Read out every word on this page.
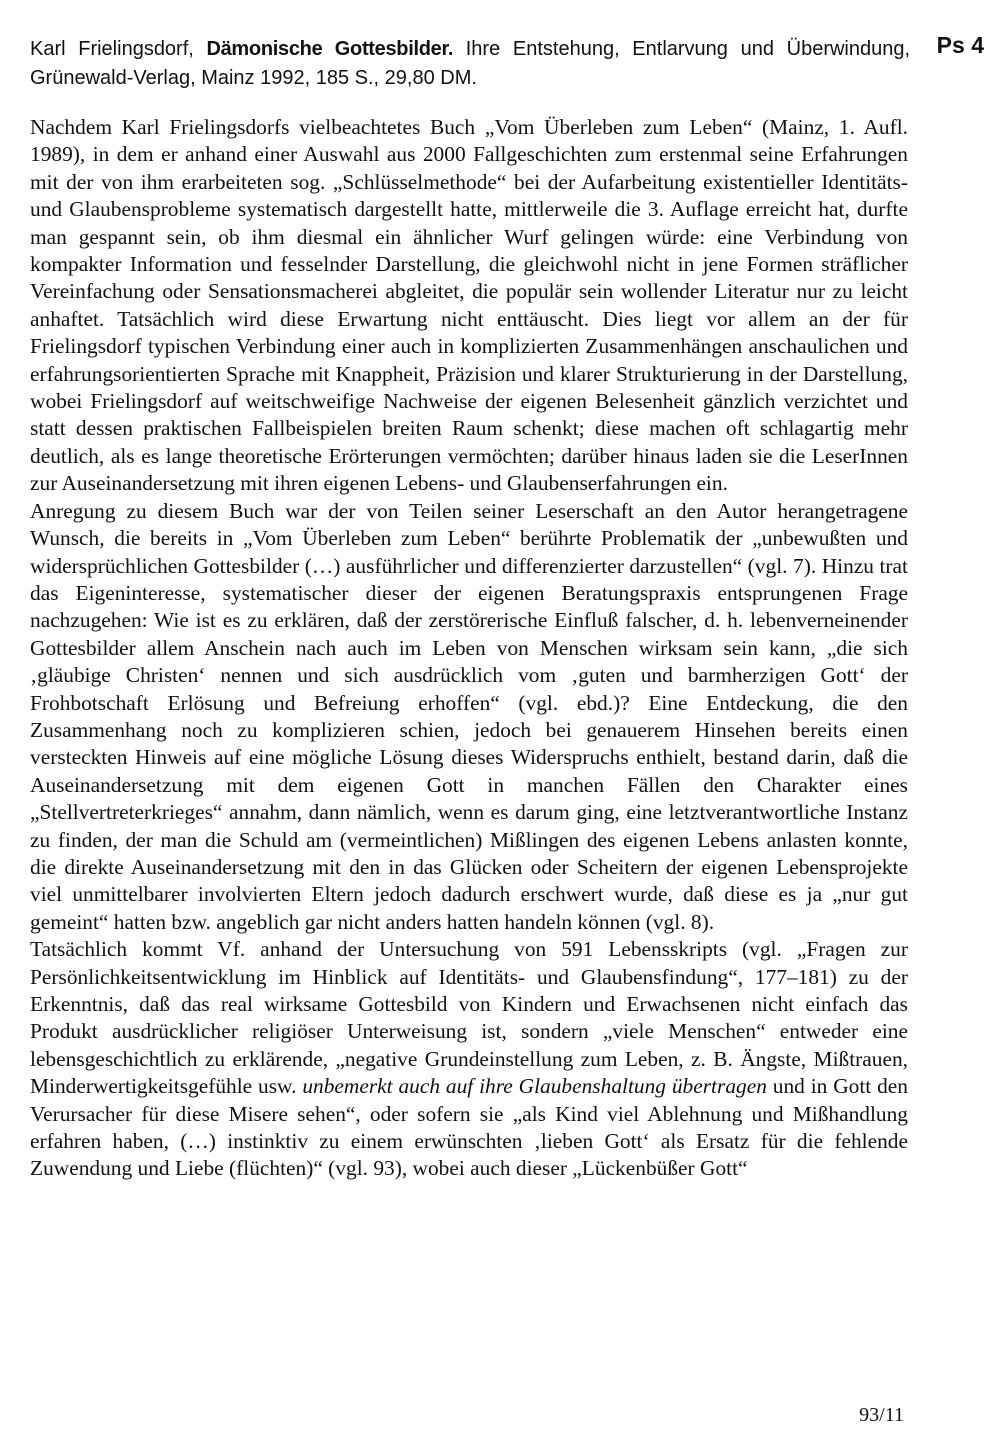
Karl Frielingsdorf, Dämonische Gottesbilder. Ihre Entstehung, Entlarvung und Überwindung, Grünewald-Verlag, Mainz 1992, 185 S., 29,80 DM.
Ps 4

Nachdem Karl Frielingsdorfs vielbeachtetes Buch „Vom Überleben zum Leben“ (Mainz, 1. Aufl. 1989), in dem er anhand einer Auswahl aus 2000 Fallgeschichten zum erstenmal seine Erfahrungen mit der von ihm erarbeiteten sog. „Schlüsselmethode“ bei der Aufarbeitung existentieller Identitäts- und Glaubensprobleme systematisch dargestellt hatte, mittlerweile die 3. Auflage erreicht hat, durfte man gespannt sein, ob ihm diesmal ein ähnlicher Wurf gelingen würde: eine Verbindung von kompakter Information und fesselnder Darstellung, die gleichwohl nicht in jene Formen sträflicher Vereinfachung oder Sensationsmacherei abgleitet, die populär sein wollender Literatur nur zu leicht anhaftet. Tatsächlich wird diese Erwartung nicht enttäuscht. Dies liegt vor allem an der für Frielingsdorf typischen Verbindung einer auch in komplizierten Zusammenhängen anschaulichen und erfahrungsorientierten Sprache mit Knappheit, Präzision und klarer Strukturierung in der Darstellung, wobei Frielingsdorf auf weitschweifige Nachweise der eigenen Belesenheit gänzlich verzichtet und statt dessen praktischen Fallbeispielen breiten Raum schenkt; diese machen oft schlagartig mehr deutlich, als es lange theoretische Erörterungen vermöchten; darüber hinaus laden sie die LeserInnen zur Auseinandersetzung mit ihren eigenen Lebens- und Glaubenserfahrungen ein.

Anregung zu diesem Buch war der von Teilen seiner Leserschaft an den Autor herangetragene Wunsch, die bereits in „Vom Überleben zum Leben“ berührte Problematik der „unbewußten und widersprüchlichen Gottesbilder (…) ausführlicher und differenzierter darzustellen“ (vgl. 7). Hinzu trat das Eigeninteresse, systematischer dieser der eigenen Beratungspraxis entsprungenen Frage nachzugehen: Wie ist es zu erklären, daß der zerstörerische Einfluß falscher, d. h. lebenverneinender Gottesbilder allem Anschein nach auch im Leben von Menschen wirksam sein kann, „die sich ‚gläubige Christen‘ nennen und sich ausdrücklich vom ‚guten und barmherzigen Gott‘ der Frohbotschaft Erlösung und Befreiung erhoffen“ (vgl. ebd.)? Eine Entdeckung, die den Zusammenhang noch zu komplizieren schien, jedoch bei genauerem Hinsehen bereits einen versteckten Hinweis auf eine mögliche Lösung dieses Widerspruchs enthielt, bestand darin, daß die Auseinandersetzung mit dem eigenen Gott in manchen Fällen den Charakter eines „Stellvertreterkrieges“ annahm, dann nämlich, wenn es darum ging, eine letztverantwortliche Instanz zu finden, der man die Schuld am (vermeintlichen) Mißlingen des eigenen Lebens anlasten konnte, die direkte Auseinandersetzung mit den in das Glücken oder Scheitern der eigenen Lebensprojekte viel unmittelbarer involvierten Eltern jedoch dadurch erschwert wurde, daß diese es ja „nur gut gemeint“ hatten bzw. angeblich gar nicht anders hatten handeln können (vgl. 8).

Tatsächlich kommt Vf. anhand der Untersuchung von 591 Lebensskripts (vgl. „Fragen zur Persönlichkeitsentwicklung im Hinblick auf Identitäts- und Glaubensfindung“, 177–181) zu der Erkenntnis, daß das real wirksame Gottesbild von Kindern und Erwachsenen nicht einfach das Produkt ausdrücklicher religiöser Unterweisung ist, sondern „viele Menschen“ entweder eine lebensgeschichtlich zu erklärende, „negative Grundeinstellung zum Leben, z. B. Ängste, Mißtrauen, Minderwertigkeitsgefühle usw. unbemerkt auch auf ihre Glaubenshaltung übertragen und in Gott den Verursacher für diese Misere sehen“, oder sofern sie „als Kind viel Ablehnung und Mißhandlung erfahren haben, (…) instinktiv zu einem erwünschten ‚lieben Gott‘ als Ersatz für die fehlende Zuwendung und Liebe (flüchten)“ (vgl. 93), wobei auch dieser „Lückenbüßer Gott“

93/11
